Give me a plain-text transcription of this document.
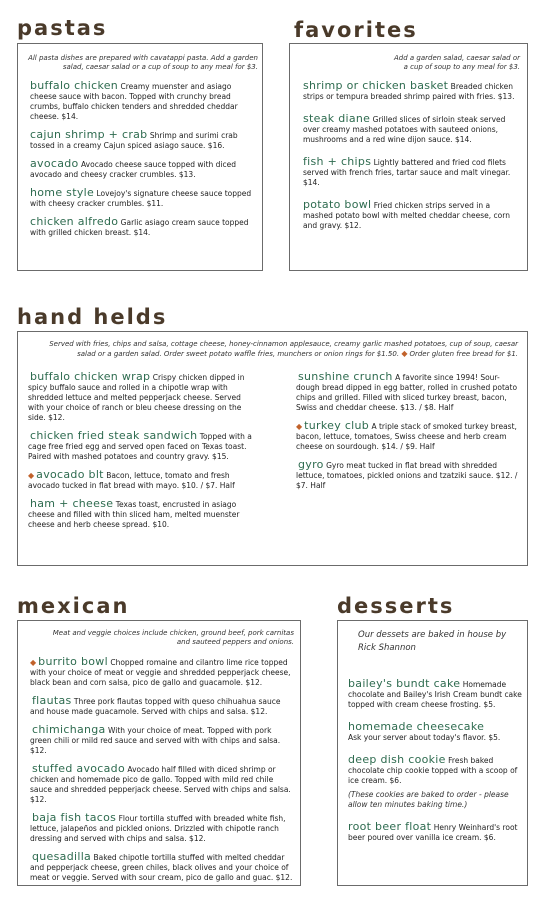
pastas
All pasta dishes are prepared with cavatappi pasta. Add a garden salad, caesar salad or a cup of soup to any meal for $3.

buffalo chicken Creamy muenster and asiago cheese sauce with bacon. Topped with crunchy bread crumbs, buffalo chicken tenders and shredded cheddar cheese. $14.

cajun shrimp + crab Shrimp and surimi crab tossed in a creamy Cajun spiced asiago sauce. $16.

avocado Avocado cheese sauce topped with diced avocado and cheesy cracker crumbles. $13.

home style Lovejoy's signature cheese sauce topped with cheesy cracker crumbles. $11.

chicken alfredo Garlic asiago cream sauce topped with grilled chicken breast. $14.

favorites
Add a garden salad, caesar salad or a cup of soup to any meal for $3.

shrimp or chicken basket Breaded chicken strips or tempura breaded shrimp paired with fries. $13.

steak diane Grilled slices of sirloin steak served over creamy mashed potatoes with sauteed onions, mushrooms and a red wine dijon sauce. $14.

fish + chips Lightly battered and fried cod filets served with french fries, tartar sauce and malt vinegar. $14.

potato bowl Fried chicken strips served in a mashed potato bowl with melted cheddar cheese, corn and gravy. $12.

hand helds
Served with fries, chips and salsa, cottage cheese, honey-cinnamon applesauce, creamy garlic mashed potatoes, cup of soup, caesar salad or a garden salad. Order sweet potato waffle fries, munchers or onion rings for $1.50. ◆ Order gluten free bread for $1.

buffalo chicken wrap Crispy chicken dipped in spicy buffalo sauce and rolled in a chipotle wrap with shredded lettuce and melted pepperjack cheese. Served with your choice of ranch or bleu cheese dressing on the side. $12.

chicken fried steak sandwich Topped with a cage free fried egg and served open faced on Texas toast. Paired with mashed potatoes and country gravy. $15.

◆ avocado blt Bacon, lettuce, tomato and fresh avocado tucked in flat bread with mayo. $10. / $7. Half

ham + cheese Texas toast, encrusted in asiago cheese and filled with thin sliced ham, melted muenster cheese and herb cheese spread. $10.

sunshine crunch A favorite since 1994! Sour-dough bread dipped in egg batter, rolled in crushed potato chips and grilled. Filled with sliced turkey breast, bacon, Swiss and cheddar cheese. $13. / $8. Half

◆ turkey club A triple stack of smoked turkey breast, bacon, lettuce, tomatoes, Swiss cheese and herb cream cheese on sourdough. $14. / $9. Half

gyro Gyro meat tucked in flat bread with shredded lettuce, tomatoes, pickled onions and tzatziki sauce. $12. / $7. Half

mexican
Meat and veggie choices include chicken, ground beef, pork carnitas and sauteed peppers and onions.

◆ burrito bowl Chopped romaine and cilantro lime rice topped with your choice of meat or veggie and shredded pepperjack cheese, black bean and corn salsa, pico de gallo and guacamole. $12.

flautas Three pork flautas topped with queso chihuahua sauce and house made guacamole. Served with chips and salsa. $12.

chimichanga With your choice of meat. Topped with pork green chili or mild red sauce and served with with chips and salsa. $12.

stuffed avocado Avocado half filled with diced shrimp or chicken and homemade pico de gallo. Topped with mild red chile sauce and shredded pepperjack cheese. Served with chips and salsa. $12.

baja fish tacos Flour tortilla stuffed with breaded white fish, lettuce, jalapeños and pickled onions. Drizzled with chipotle ranch dressing and served with chips and salsa. $12.

quesadilla Baked chipotle tortilla stuffed with melted cheddar and pepperjack cheese, green chiles, black olives and your choice of meat or veggie. Served with sour cream, pico de gallo and guac. $12.

desserts
Our dessets are baked in house by Rick Shannon

bailey's bundt cake Homemade chocolate and Bailey's Irish Cream bundt cake topped with cream cheese frosting. $5.

homemade cheesecake
Ask your server about today's flavor. $5.

deep dish cookie Fresh baked chocolate chip cookie topped with a scoop of ice cream. $6.

(These cookies are baked to order - please allow ten minutes baking time.)

root beer float Henry Weinhard's root beer poured over vanilla ice cream. $6.
